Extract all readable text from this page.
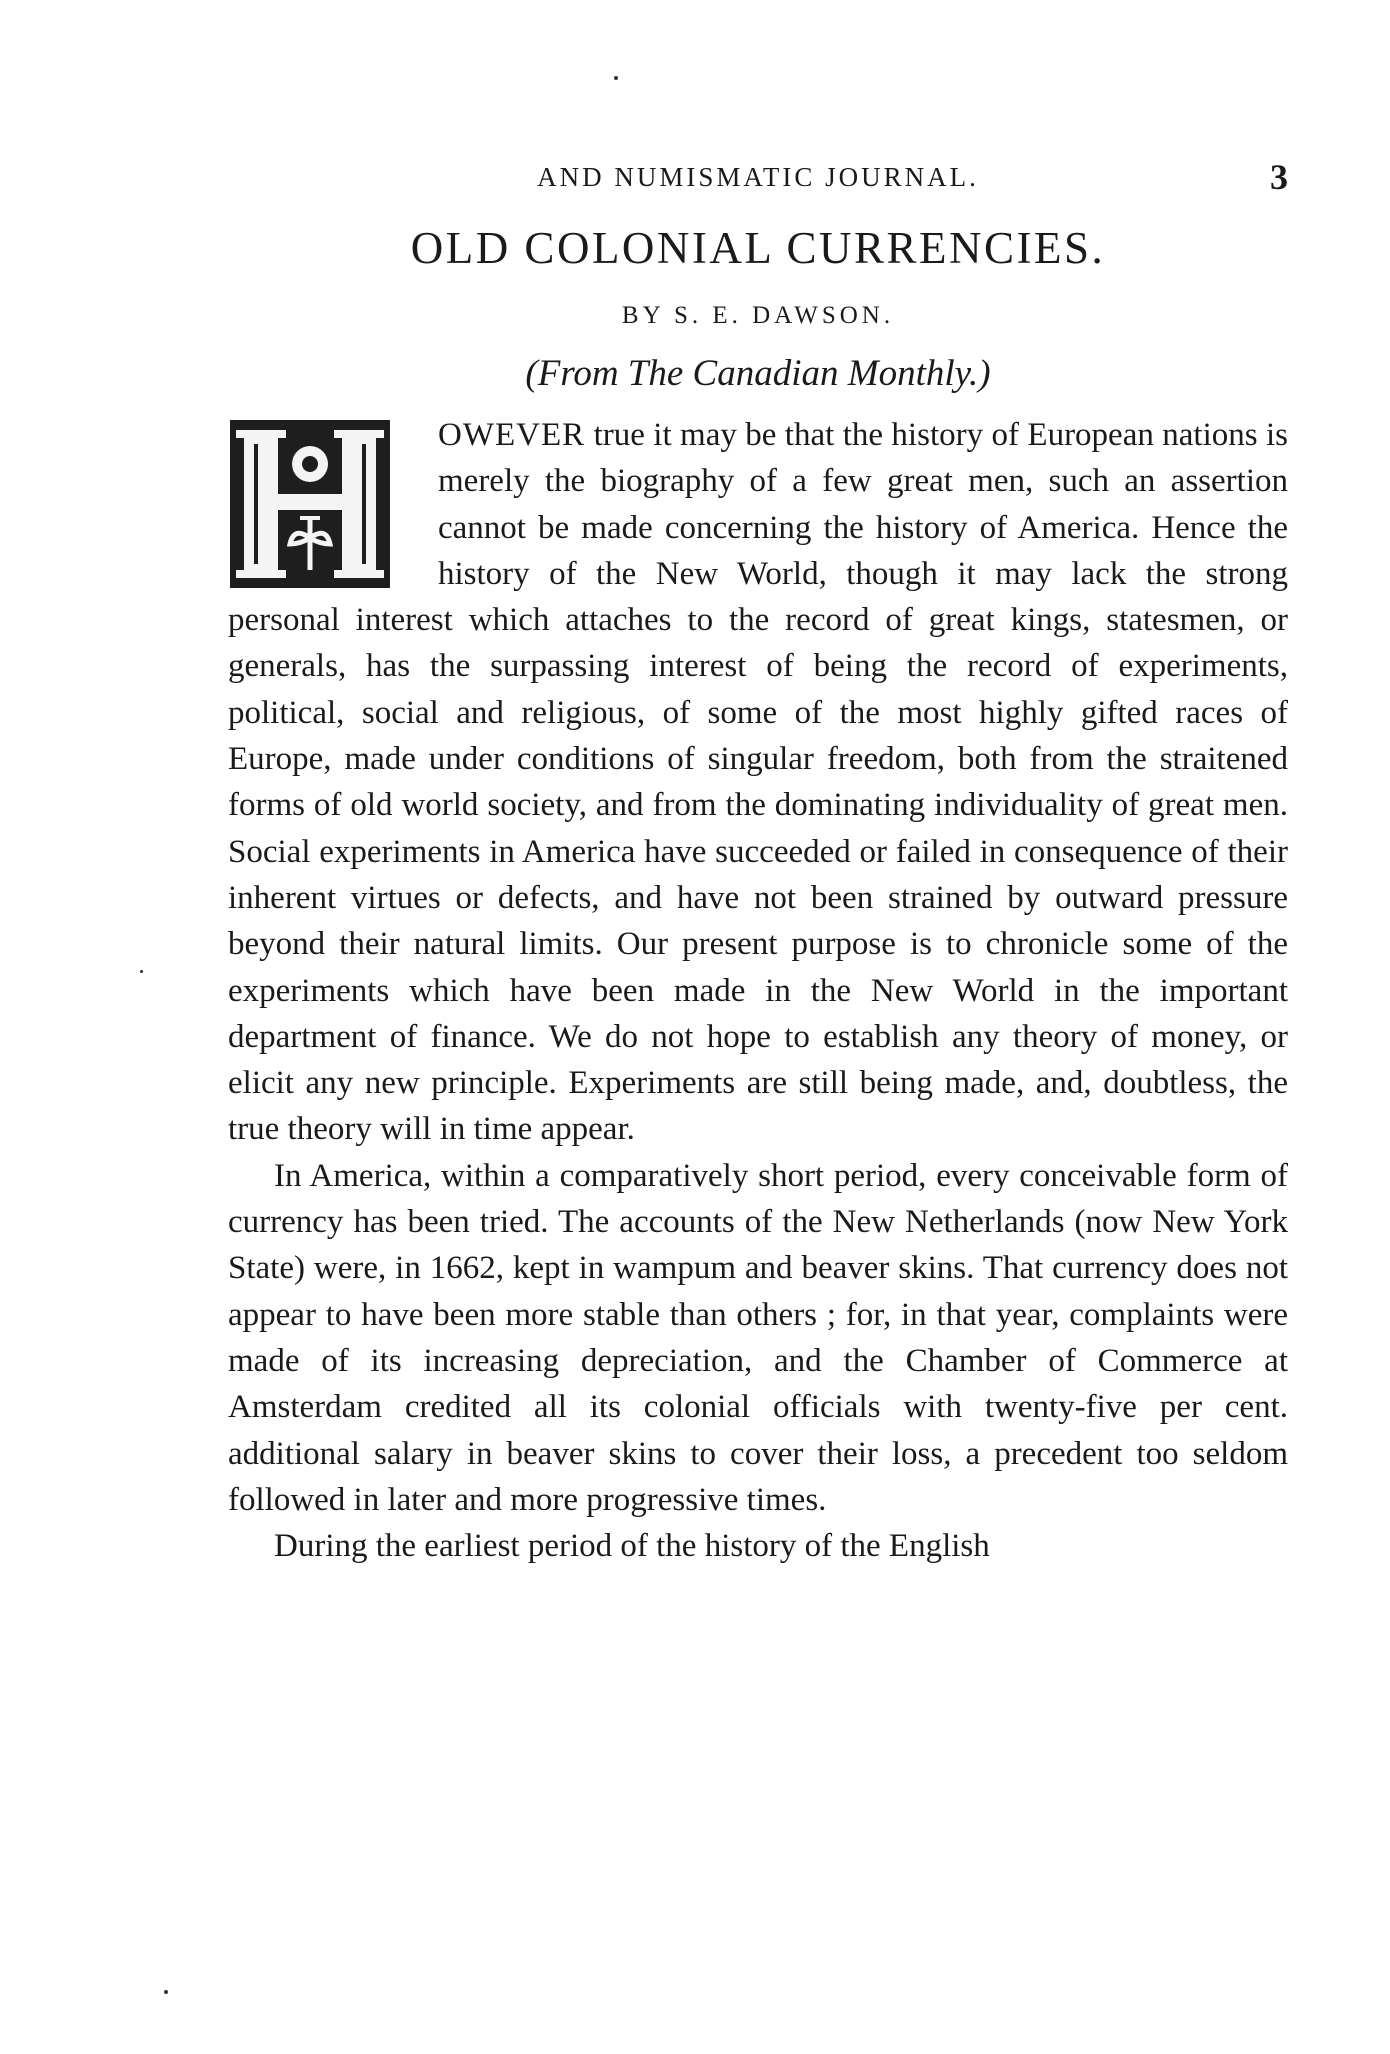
AND NUMISMATIC JOURNAL.	3
OLD COLONIAL CURRENCIES.
BY S. E. DAWSON.
(From The Canadian Monthly.)

OWEVER true it may be that the history of European nations is merely the biography of a few great men, such an assertion cannot be made concerning the history of America. Hence the history of the New World, though it may lack the strong personal interest which attaches to the record of great kings, statesmen, or generals, has the surpassing interest of being the record of experiments, political, social and religious, of some of the most highly gifted races of Europe, made under conditions of singular freedom, both from the straitened forms of old world society, and from the dominating individuality of great men. Social experiments in America have succeeded or failed in consequence of their inherent virtues or defects, and have not been strained by outward pressure beyond their natural limits. Our present purpose is to chronicle some of the experiments which have been made in the New World in the important department of finance. We do not hope to establish any theory of money, or elicit any new principle. Experiments are still being made, and, doubtless, the true theory will in time appear.

In America, within a comparatively short period, every conceivable form of currency has been tried. The accounts of the New Netherlands (now New York State) were, in 1662, kept in wampum and beaver skins. That currency does not appear to have been more stable than others ; for, in that year, complaints were made of its increasing depreciation, and the Chamber of Commerce at Amsterdam credited all its colonial officials with twenty-five per cent. additional salary in beaver skins to cover their loss, a precedent too seldom followed in later and more progressive times.

During the earliest period of the history of the English
